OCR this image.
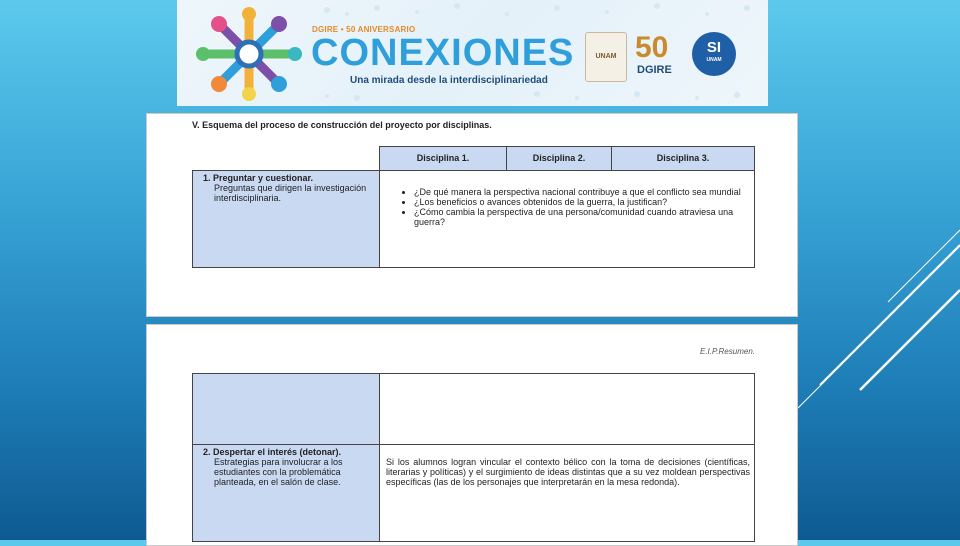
DGIRE • 50 ANIVERSARIO
CONEXIONES
Una mirada desde la interdisciplinariedad
UNAM 50
DGIRE
SI
UNAM
V. Esquema del proceso de construcción del proyecto por disciplinas.
Disciplina 1.	Disciplina 2.	Disciplina 3.
1. Preguntar y cuestionar.
Preguntas que dirigen la investigación interdisciplinaria.
• ¿De qué manera la perspectiva nacional contribuye a que el conflicto sea mundial
• ¿Los beneficios o avances obtenidos de la guerra, la justifican?
• ¿Cómo cambia la perspectiva de una persona/comunidad cuando atraviesa una guerra?
E.I.P.Resumen.
2. Despertar el interés (detonar).
Estrategias para involucrar a los estudiantes con la problemática planteada, en el salón de clase.
Si los alumnos logran vincular el contexto bélico con la toma de decisiones (científicas, literarias y políticas) y el surgimiento de ideas distintas que a su vez moldean perspectivas específicas (las de los personajes que interpretarán en la mesa redonda).
